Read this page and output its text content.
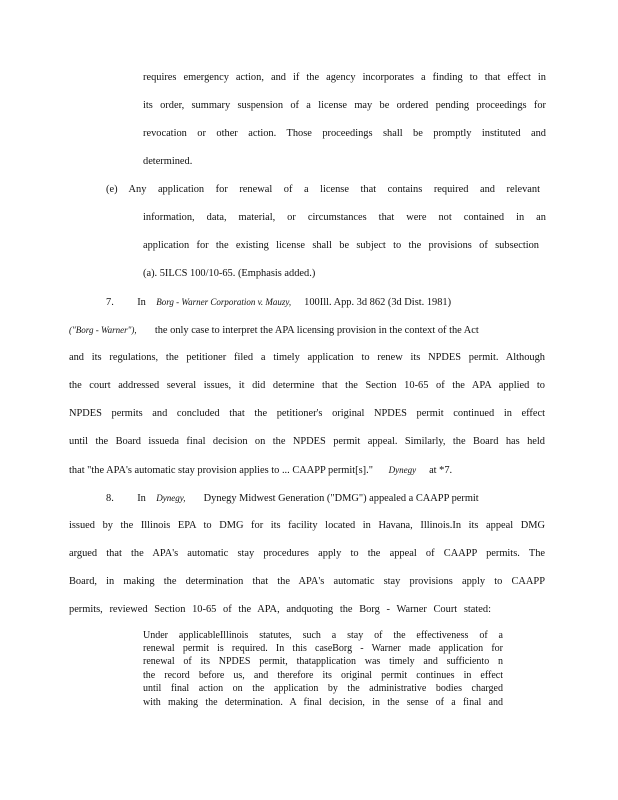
requires emergency action, and if the agency incorporates a finding to that effect in
its order, summary suspension of a license may be ordered pending proceedings for
revocation or other action. Those proceedings shall be promptly instituted and
determined.
(e) Any application for renewal of a license that contains required and relevant
information, data, material, or circumstances that were not contained in an
application for the existing license shall be subject to the provisions of subsection
(a). 5ILCS 100/10-65. (Emphasis added.)
7. In Borg - Warner Corporation v. Mauzy, 100Ill. App. 3d 862 (3d Dist. 1981)
("Borg - Warner"), the only case to interpret the APA licensing provision in the context of the Act
and its regulations, the petitioner filed a timely application to renew its NPDES permit. Although
the court addressed several issues, it did determine that the Section 10-65 of the APA applied to
NPDES permits and concluded that the petitioner's original NPDES permit continued in effect
until the Board issueda final decision on the NPDES permit appeal. Similarly, the Board has held
that "the APA's automatic stay provision applies to ... CAAPP permit[s]." Dynegy at *7.
8. In Dynegy, Dynegy Midwest Generation ("DMG") appealed a CAAPP permit
issued by the Illinois EPA to DMG for its facility located in Havana, Illinois.In its appeal DMG
argued that the APA's automatic stay procedures apply to the appeal of CAAPP permits. The
Board, in making the determination that the APA's automatic stay provisions apply to CAAPP
permits, reviewed Section 10-65 of the APA, andquoting the Borg - Warner Court stated:
Under applicableIllinois statutes, such a stay of the effectiveness of a
renewal permit is required. In this caseBorg - Warner made application for
renewal of its NPDES permit, thatapplication was timely and sufficiento n
the record before us, and therefore its original permit continues in effect
until final action on the application by the administrative bodies charged
with making the determination. A final decision, in the sense of a final and
